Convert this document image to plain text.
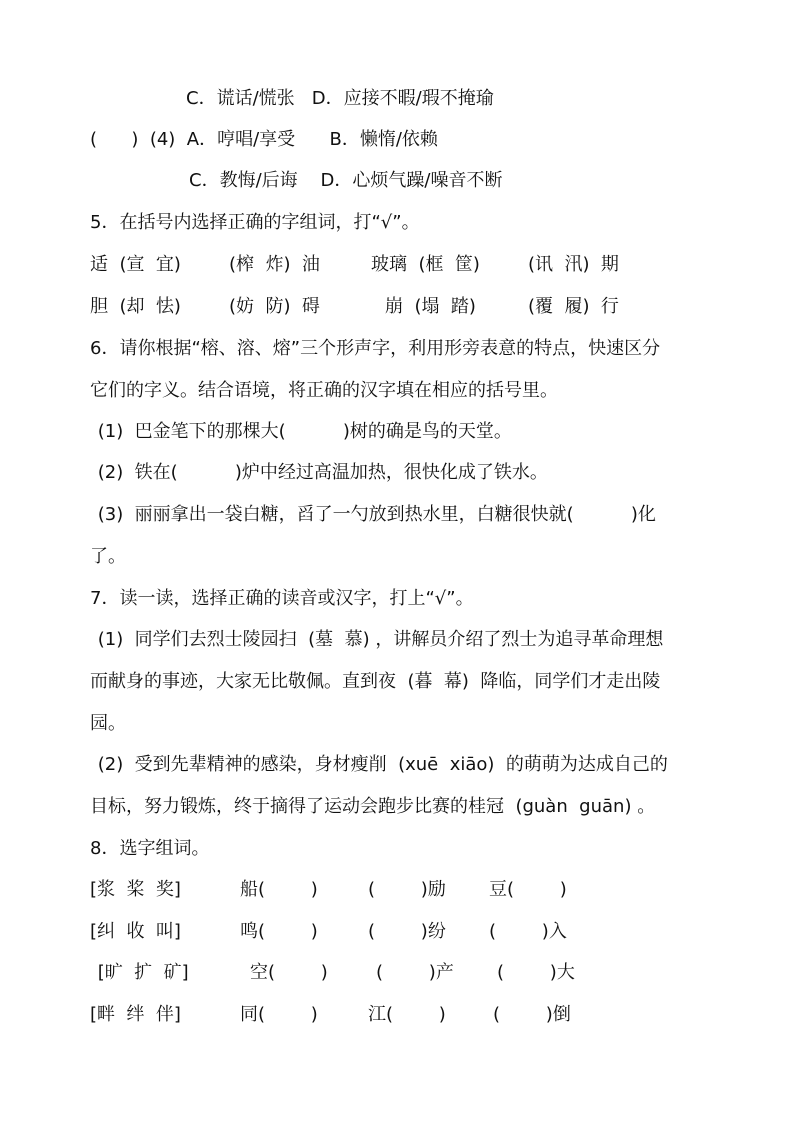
C．谎话/慌张   D．应接不暇/瑕不掩瑜
(      )  (4)  A．哼唱/享受      B．懒惰/依赖
C．教悔/后诲    D．心烦气躁/噪音不断
5．在括号内选择正确的字组词，打“√”。
适  (宣  宜)	(榨  炸)  油	玻璃  (框  筐)	(讯  汛)  期
胆  (却  怯)	(妨  防)  碍	崩  (塌  踏)	(覆  履)  行
6．请你根据“榕、溶、熔”三个形声字，利用形旁表意的特点，快速区分
它们的字义。结合语境，将正确的汉字填在相应的括号里。
(1)  巴金笔下的那棵大(          )树的确是鸟的天堂。
(2)  铁在(          )炉中经过高温加热，很快化成了铁水。
(3)  丽丽拿出一袋白糖，舀了一勺放到热水里，白糖很快就(          )化
了。
7．读一读，选择正确的读音或汉字，打上“√”。
(1)  同学们去烈士陵园扫  (墓  慕) ，讲解员介绍了烈士为追寻革命理想
而献身的事迹，大家无比敬佩。直到夜  (暮  幕)  降临，同学们才走出陵
园。
(2)  受到先辈精神的感染，身材瘦削  (xuē  xiāo)  的萌萌为达成自己的
目标，努力锻炼，终于摘得了运动会跑步比赛的桂冠  (guàn  guān) 。
8．选字组词。
[浆  桨  奖]	船(        )	(        )励 豆(        )
[纠  收  叫]	鸣(        )	(        )纷 (        )入
[旷  扩  矿]	空(        )	(        )产 (        )大
[畔  绊  伴]	同(        )	江(        )	(        )倒
